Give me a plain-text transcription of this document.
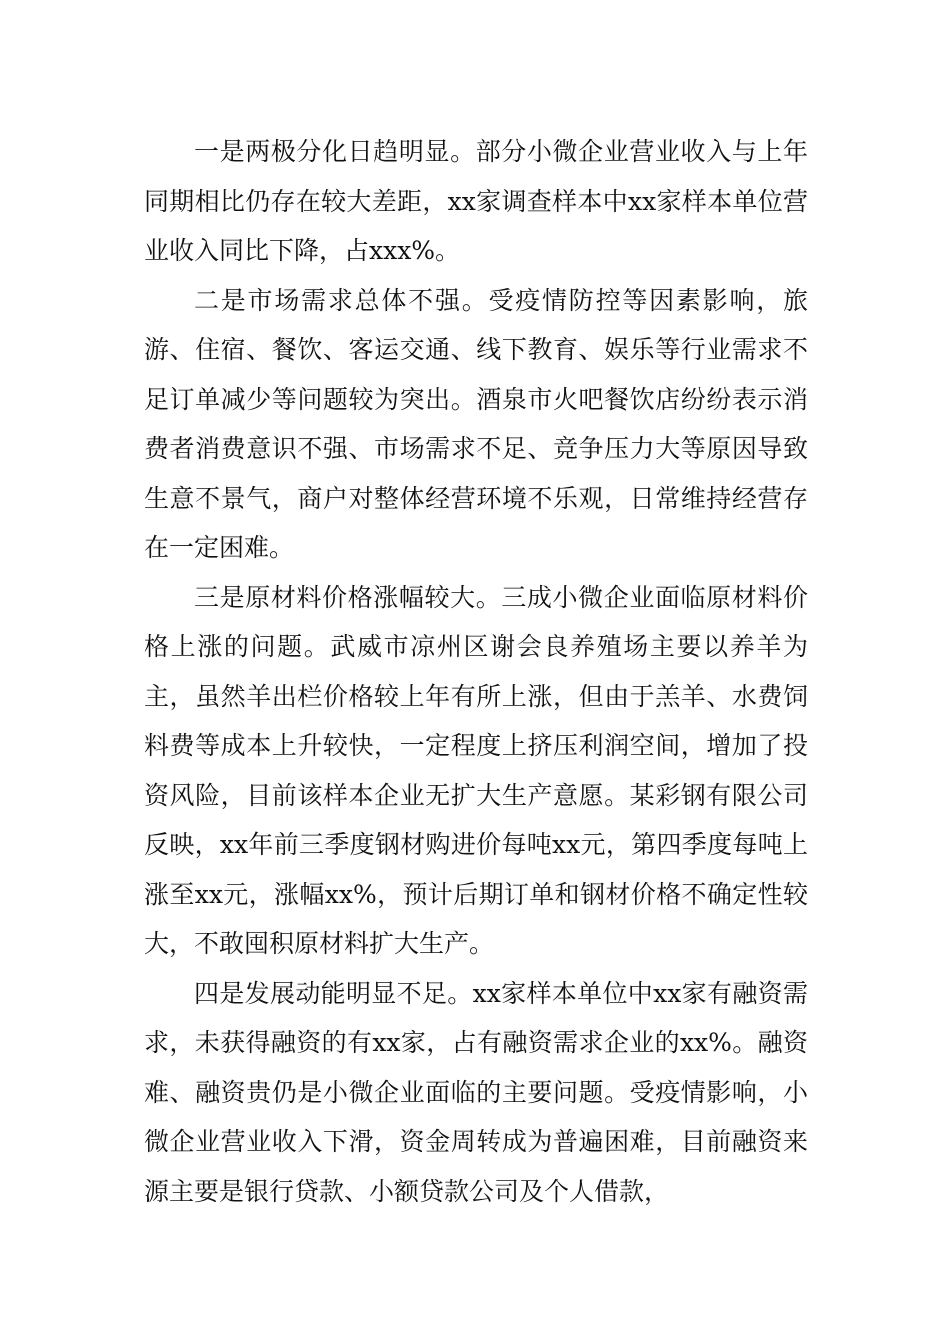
一是两极分化日趋明显。部分小微企业营业收入与上年同期相比仍存在较大差距，xx家调查样本中xx家样本单位营业收入同比下降，占xxx%。

二是市场需求总体不强。受疫情防控等因素影响，旅游、住宿、餐饮、客运交通、线下教育、娱乐等行业需求不足订单减少等问题较为突出。酒泉市火吧餐饮店纷纷表示消费者消费意识不强、市场需求不足、竞争压力大等原因导致生意不景气，商户对整体经营环境不乐观，日常维持经营存在一定困难。

三是原材料价格涨幅较大。三成小微企业面临原材料价格上涨的问题。武威市凉州区谢会良养殖场主要以养羊为主，虽然羊出栏价格较上年有所上涨，但由于羔羊、水费饲料费等成本上升较快，一定程度上挤压利润空间，增加了投资风险，目前该样本企业无扩大生产意愿。某彩钢有限公司反映，xx年前三季度钢材购进价每吨xx元，第四季度每吨上涨至xx元，涨幅xx%，预计后期订单和钢材价格不确定性较大，不敢囤积原材料扩大生产。

四是发展动能明显不足。xx家样本单位中xx家有融资需求，未获得融资的有xx家，占有融资需求企业的xx%。融资难、融资贵仍是小微企业面临的主要问题。受疫情影响，小微企业营业收入下滑，资金周转成为普遍困难，目前融资来源主要是银行贷款、小额贷款公司及个人借款，
